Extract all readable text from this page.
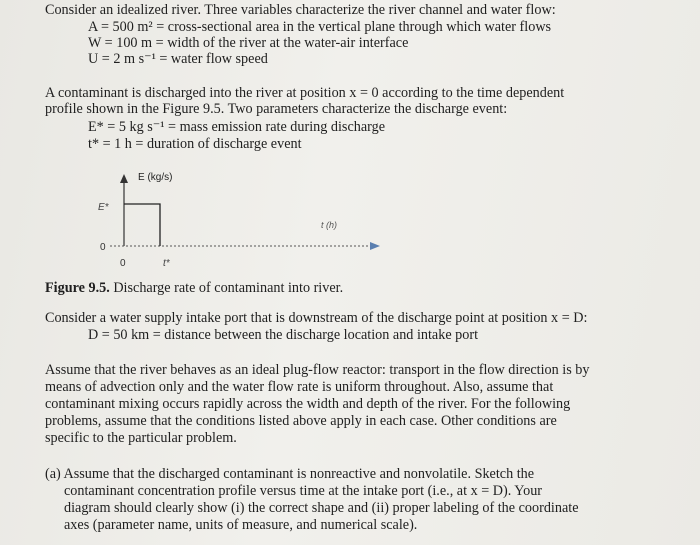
Consider an idealized river. Three variables characterize the river channel and water flow:
A = 500 m² = cross-sectional area in the vertical plane through which water flows
W = 100 m = width of the river at the water-air interface
U = 2 m s⁻¹ = water flow speed
A contaminant is discharged into the river at position x = 0 according to the time dependent
profile shown in the Figure 9.5. Two parameters characterize the discharge event:
E* = 5 kg s⁻¹ = mass emission rate during discharge
t* = 1 h = duration of discharge event
E (kg/s)
E*
0
0	t*
t (h)
Figure 9.5. Discharge rate of contaminant into river.
Consider a water supply intake port that is downstream of the discharge point at position x = D:
D = 50 km = distance between the discharge location and intake port
Assume that the river behaves as an ideal plug-flow reactor: transport in the flow direction is by
means of advection only and the water flow rate is uniform throughout. Also, assume that
contaminant mixing occurs rapidly across the width and depth of the river. For the following
problems, assume that the conditions listed above apply in each case. Other conditions are
specific to the particular problem.
(a) Assume that the discharged contaminant is nonreactive and nonvolatile. Sketch the
contaminant concentration profile versus time at the intake port (i.e., at x = D). Your
diagram should clearly show (i) the correct shape and (ii) proper labeling of the coordinate
axes (parameter name, units of measure, and numerical scale).
